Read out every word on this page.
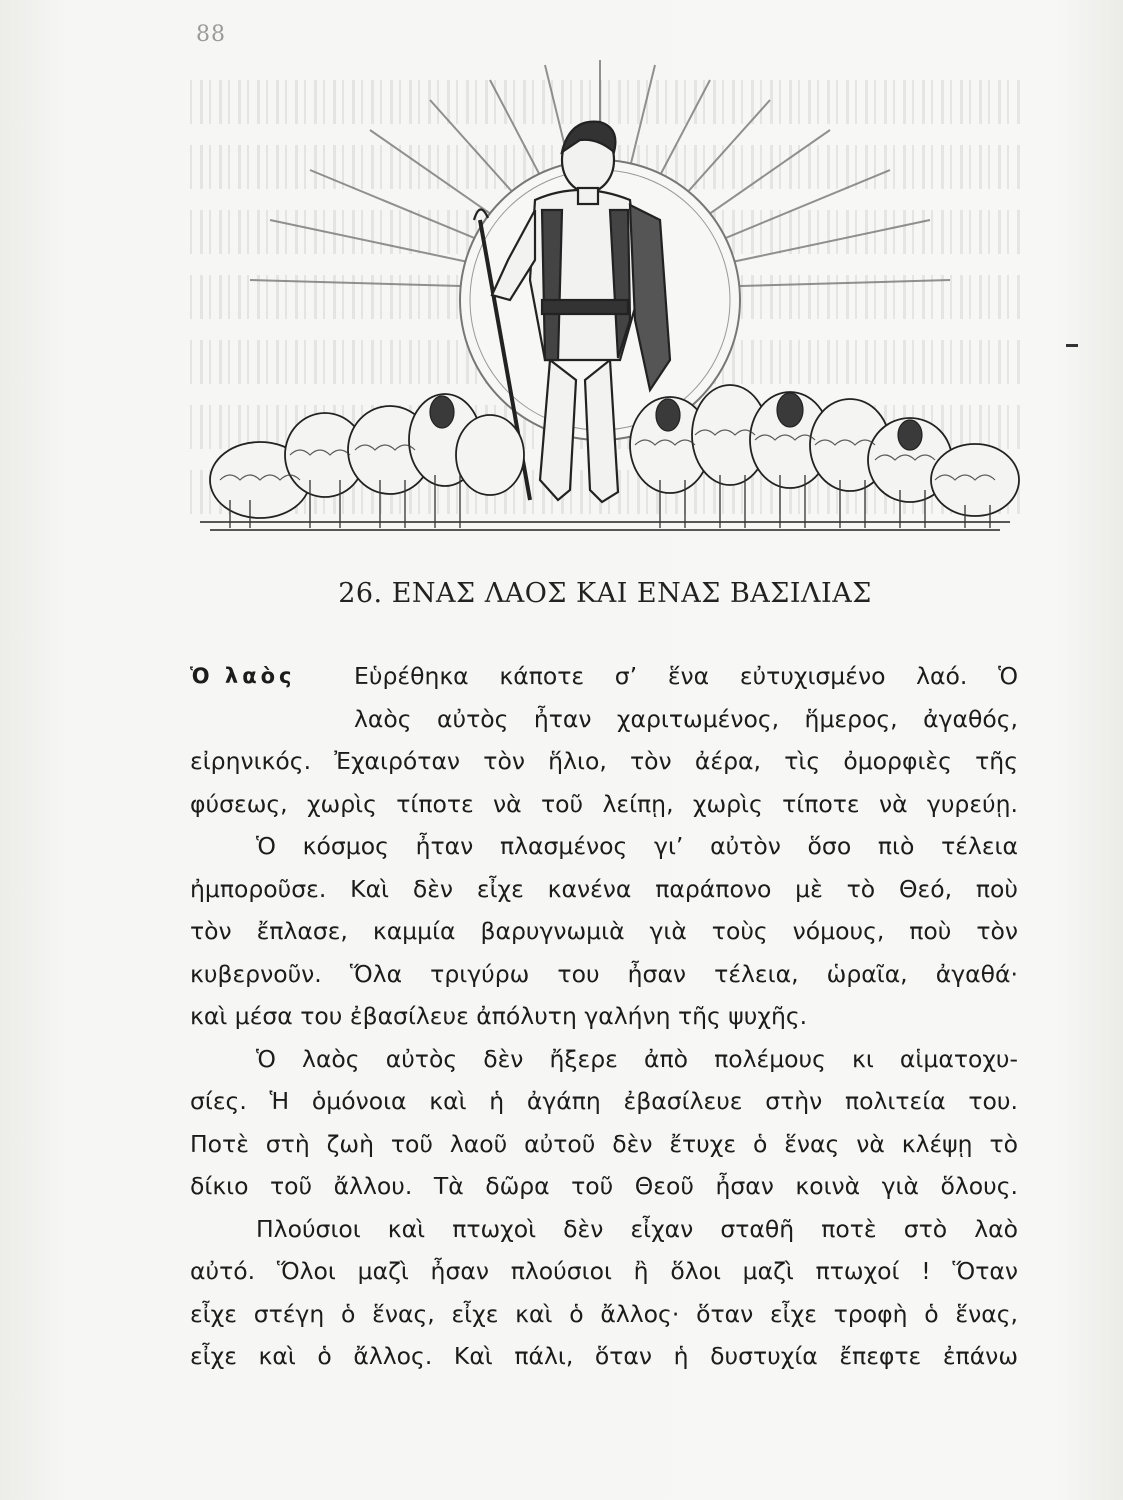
88
26. ΕΝΑΣ ΛΑΟΣ ΚΑΙ ΕΝΑΣ ΒΑΣΙΛΙΑΣ
Ὁ λαὸς	Εὑρέθηκα κάποτε σ’ ἕνα εὐτυχισμένο λαό. Ὁ
λαὸς αὐτὸς ἦταν χαριτωμένος, ἥμερος, ἀγαθός,
εἰρηνικός. Ἐχαιρόταν τὸν ἥλιο, τὸν ἀέρα, τὶς ὀμορφιὲς τῆς
φύσεως, χωρὶς τίποτε νὰ τοῦ λείπῃ, χωρὶς τίποτε νὰ γυρεύῃ.
Ὁ κόσμος ἦταν πλασμένος γι’ αὐτὸν ὅσο πιὸ τέλεια
ἠμποροῦσε. Καὶ δὲν εἶχε κανένα παράπονο μὲ τὸ Θεό, ποὺ
τὸν ἔπλασε, καμμία βαρυγνωμιὰ γιὰ τοὺς νόμους, ποὺ τὸν
κυβερνοῦν. Ὅλα τριγύρω του ἦσαν τέλεια, ὡραῖα, ἀγαθά·
καὶ μέσα του ἐβασίλευε ἀπόλυτη γαλήνη τῆς ψυχῆς.
Ὁ λαὸς αὐτὸς δὲν ἤξερε ἀπὸ πολέμους κι αἱματοχυ-
σίες. Ἡ ὁμόνοια καὶ ἡ ἀγάπη ἐβασίλευε στὴν πολιτεία του.
Ποτὲ στὴ ζωὴ τοῦ λαοῦ αὐτοῦ δὲν ἔτυχε ὁ ἕνας νὰ κλέψῃ τὸ
δίκιο τοῦ ἄλλου. Τὰ δῶρα τοῦ Θεοῦ ἦσαν κοινὰ γιὰ ὅλους.
Πλούσιοι καὶ πτωχοὶ δὲν εἶχαν σταθῆ ποτὲ στὸ λαὸ
αὐτό. Ὅλοι μαζὶ ἦσαν πλούσιοι ἢ ὅλοι μαζὶ πτωχοί ! Ὅταν
εἶχε στέγη ὁ ἕνας, εἶχε καὶ ὁ ἄλλος· ὅταν εἶχε τροφὴ ὁ ἕνας,
εἶχε καὶ ὁ ἄλλος. Καὶ πάλι, ὅταν ἡ δυστυχία ἔπεφτε ἐπάνω
